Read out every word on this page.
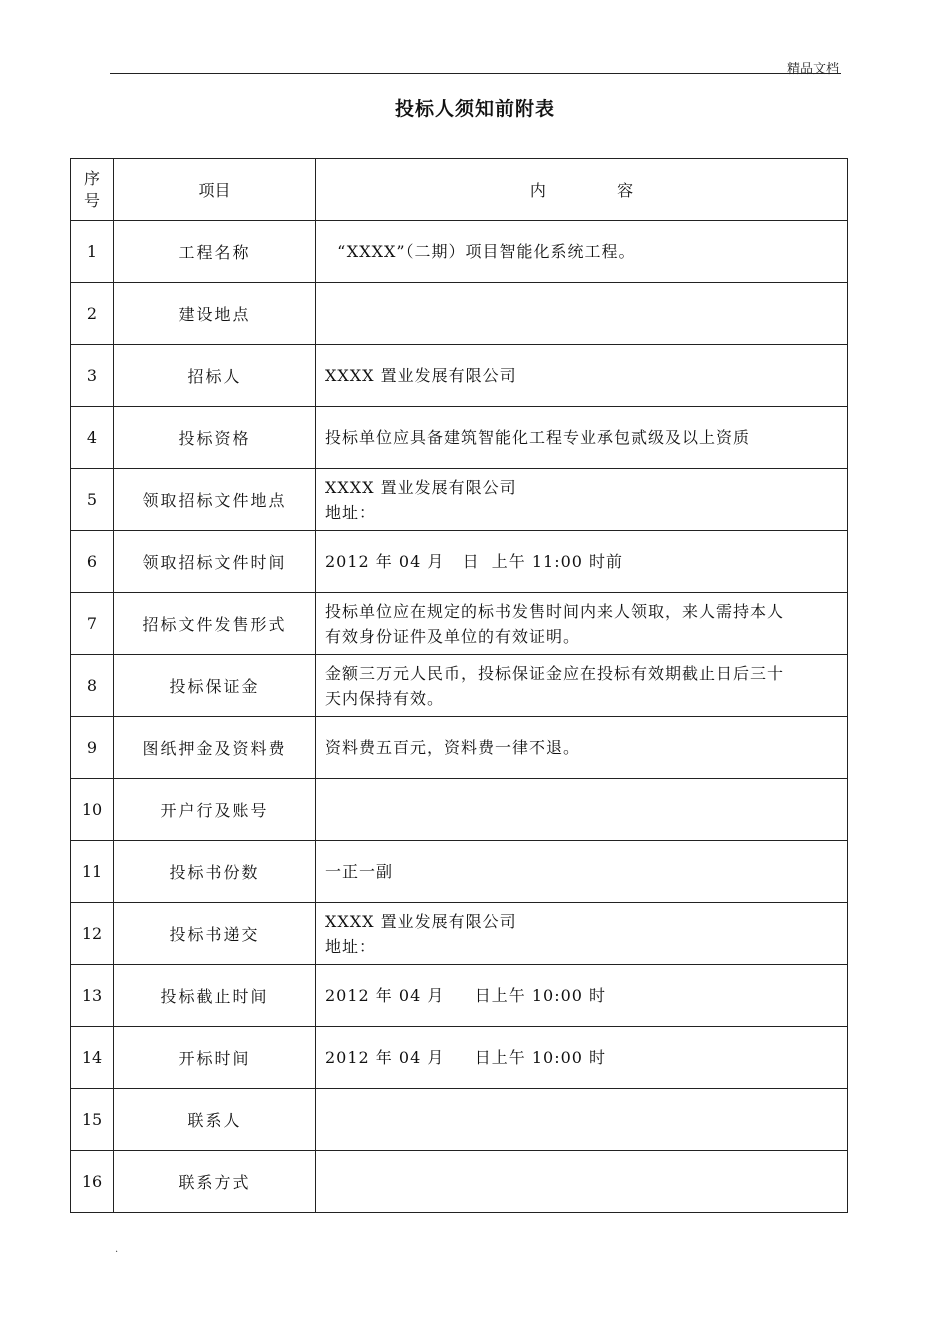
精品文档
投标人须知前附表
序
号	项目	内              容
1	工程名称	“XXXX”（二期）项目智能化系统工程。

2	建设地点	

3	招标人	XXXX 置业发展有限公司

4	投标资格	投标单位应具备建筑智能化工程专业承包贰级及以上资质

5	领取招标文件地点	XXXX 置业发展有限公司
地址：

6	领取招标文件时间	2012 年 04 月   日  上午 11:00 时前

7	招标文件发售形式	投标单位应在规定的标书发售时间内来人领取，来人需持本人
有效身份证件及单位的有效证明。

8	投标保证金	金额三万元人民币，投标保证金应在投标有效期截止日后三十
天内保持有效。

9	图纸押金及资料费	资料费五百元，资料费一律不退。

10	开户行及账号	

11	投标书份数	一正一副

12	投标书递交	XXXX 置业发展有限公司
地址：

13	投标截止时间	2012 年 04 月     日上午 10:00 时

14	开标时间	2012 年 04 月     日上午 10:00 时

15	联系人	

16	联系方式	
.
